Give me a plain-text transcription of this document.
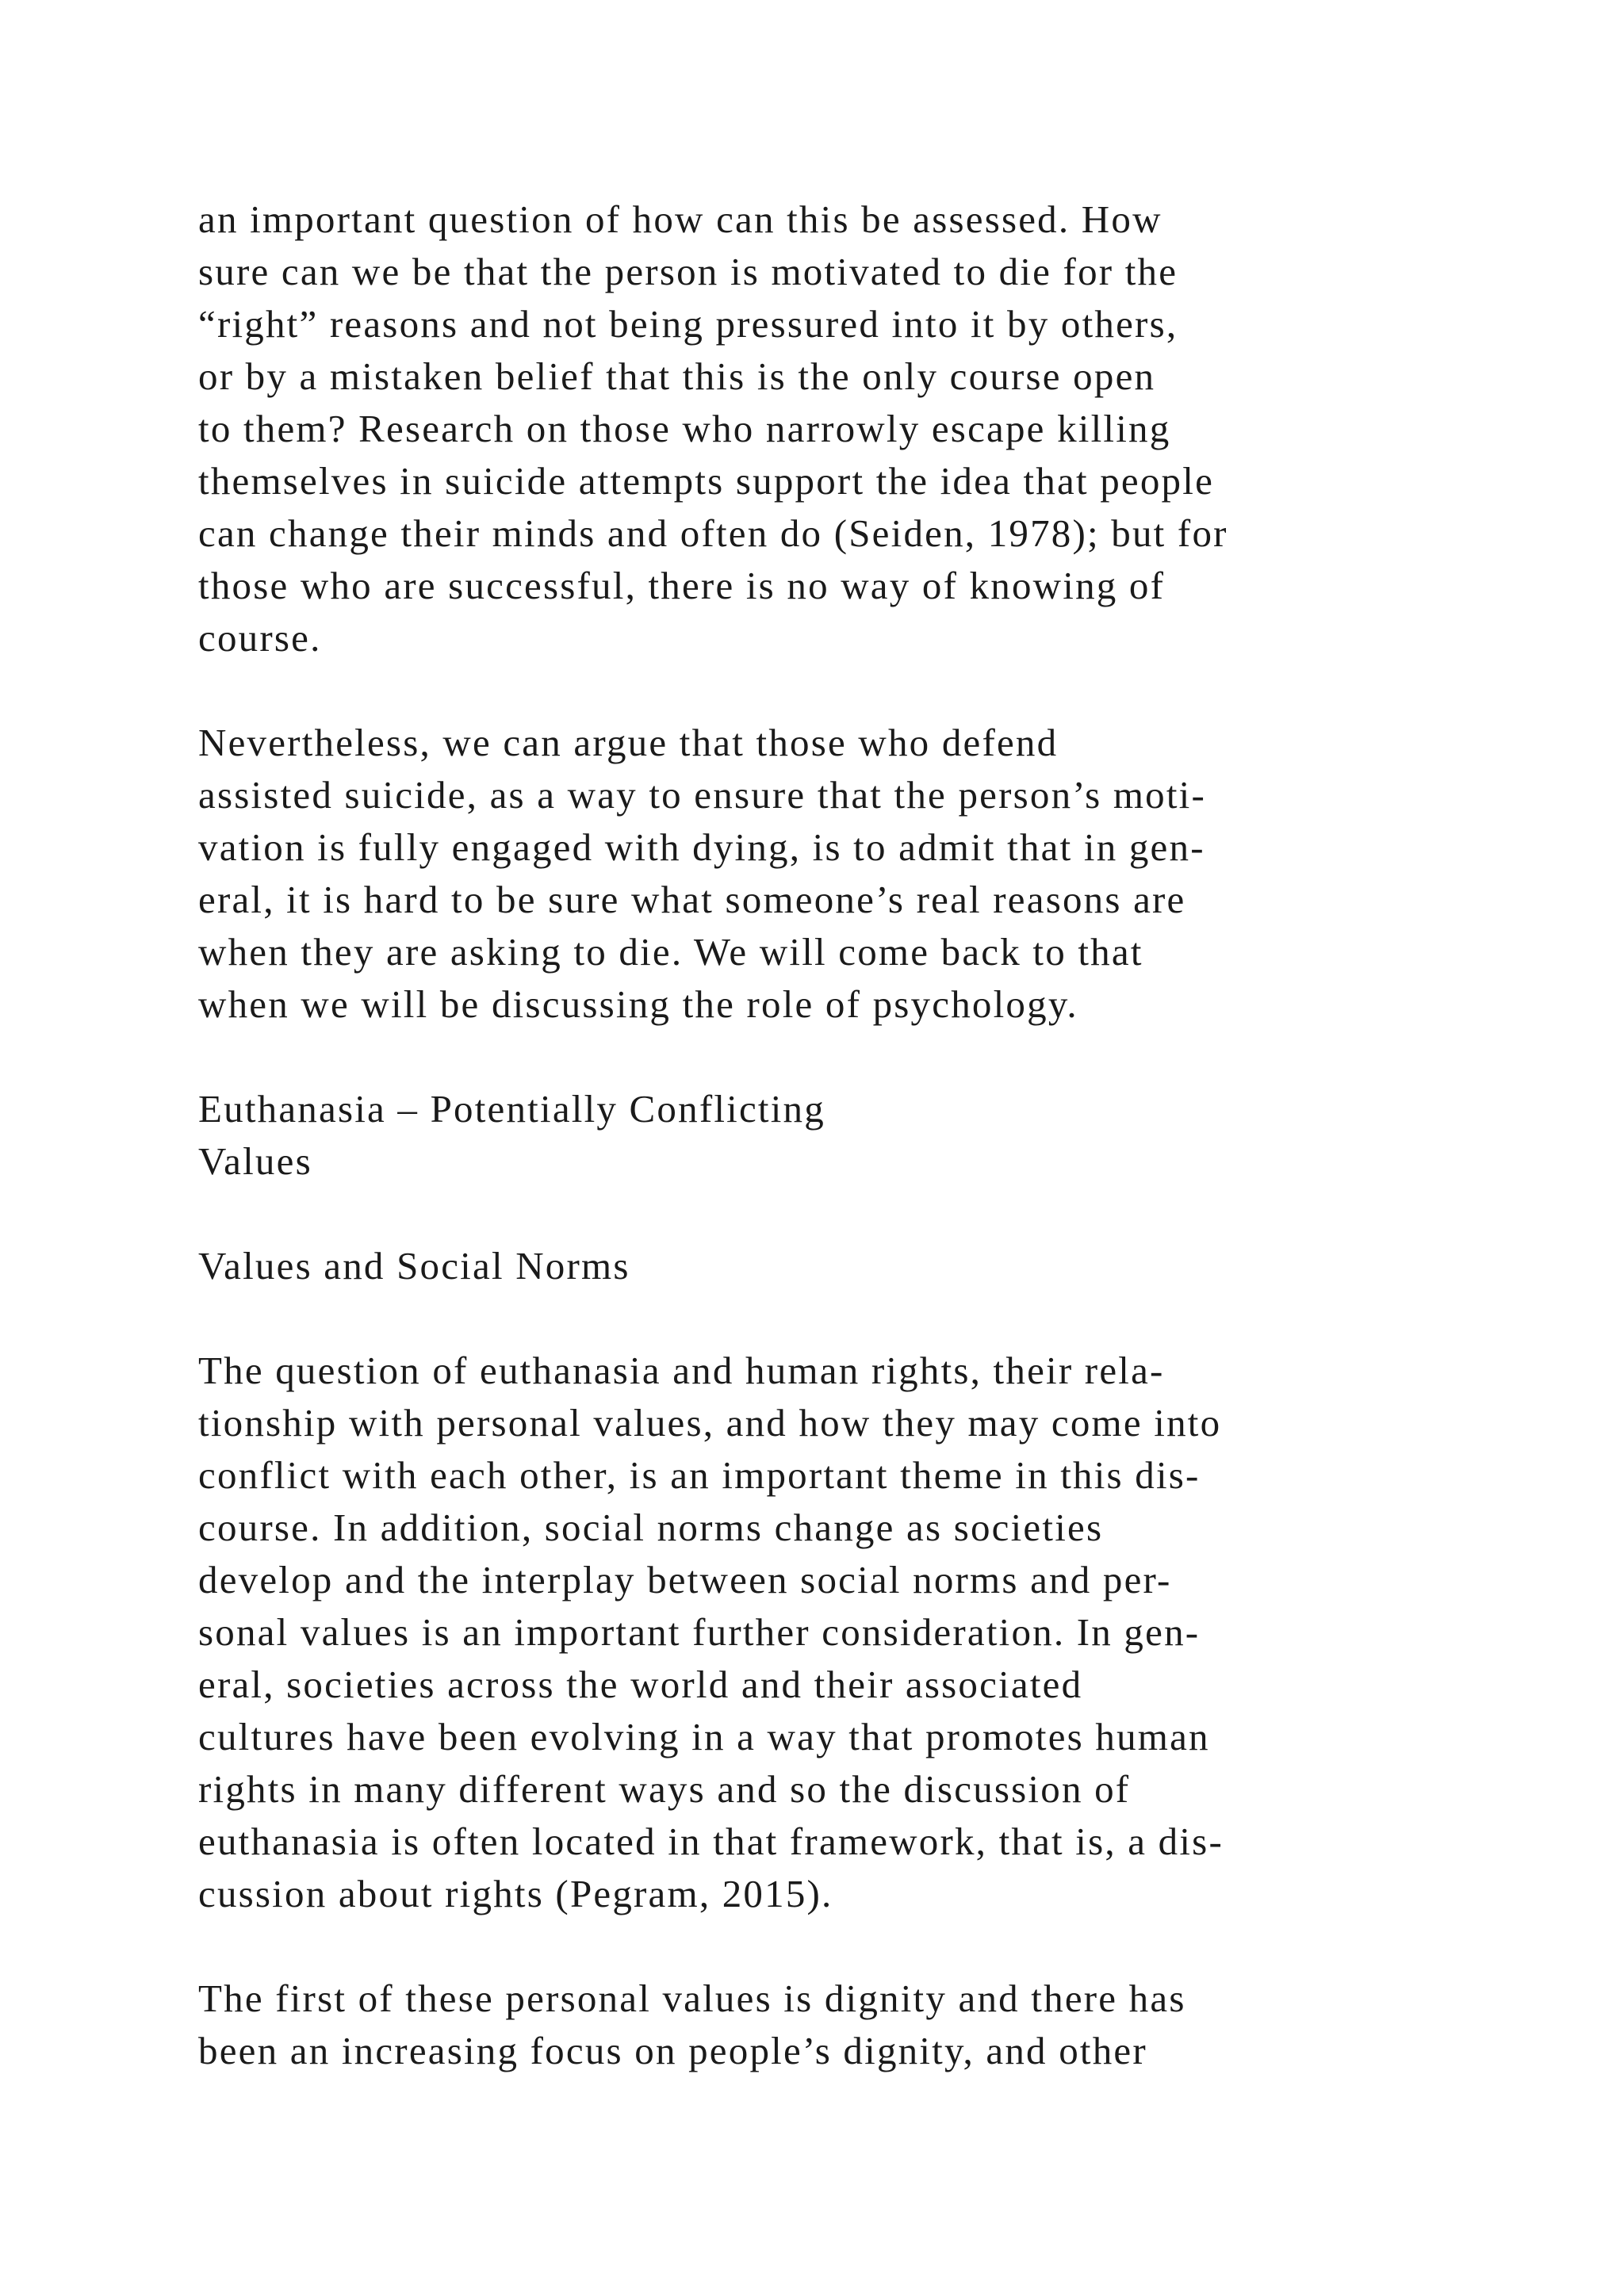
an important question of how can this be assessed. How
sure can we be that the person is motivated to die for the
“right” reasons and not being pressured into it by others,
or by a mistaken belief that this is the only course open
to them? Research on those who narrowly escape killing
themselves in suicide attempts support the idea that people
can change their minds and often do (Seiden, 1978); but for
those who are successful, there is no way of knowing of
course.

Nevertheless, we can argue that those who defend
assisted suicide, as a way to ensure that the person’s moti-
vation is fully engaged with dying, is to admit that in gen-
eral, it is hard to be sure what someone’s real reasons are
when they are asking to die. We will come back to that
when we will be discussing the role of psychology.

Euthanasia – Potentially Conflicting
Values

Values and Social Norms

The question of euthanasia and human rights, their rela-
tionship with personal values, and how they may come into
conflict with each other, is an important theme in this dis-
course. In addition, social norms change as societies
develop and the interplay between social norms and per-
sonal values is an important further consideration. In gen-
eral, societies across the world and their associated
cultures have been evolving in a way that promotes human
rights in many different ways and so the discussion of
euthanasia is often located in that framework, that is, a dis-
cussion about rights (Pegram, 2015).

The first of these personal values is dignity and there has
been an increasing focus on people’s dignity, and other
